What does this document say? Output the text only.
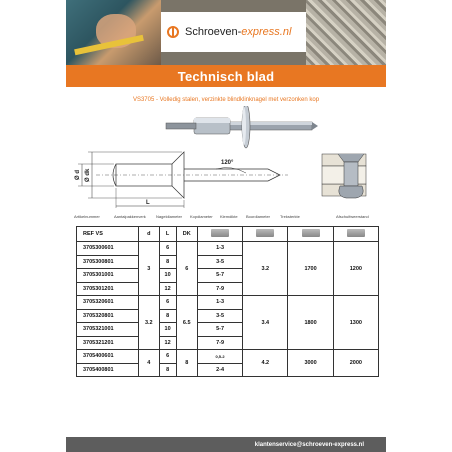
Schroeven-express.nl
Technisch blad
VS3705 - Volledig stalen, verzinkte blindklinknagel met verzonken kop
Ø d Ø dk
120°
L
Artikelnummer	Aantalpakkenverk	Nageldiameter Kopdiameter Klemdikte Boordiameter Treksterkte	Afschuifweerstand
REF VS	d	L	DK				
3705300601	3	6	6	1-3	3.2	1700	1200
3705300801		8		3-5			
3705301001		10		5-7			
3705301201		12		7-9			
3705320601	3.2	6	6.5	1-3	3.4	1800	1300
3705320801		8		3-5			
3705321001		10		5-7			
3705321201		12		7-9			
3705400601	4	6	8	0,5-2	4.2	3000	2000
3705400801		8		2-4			
klantenservice@schroeven-express.nl
